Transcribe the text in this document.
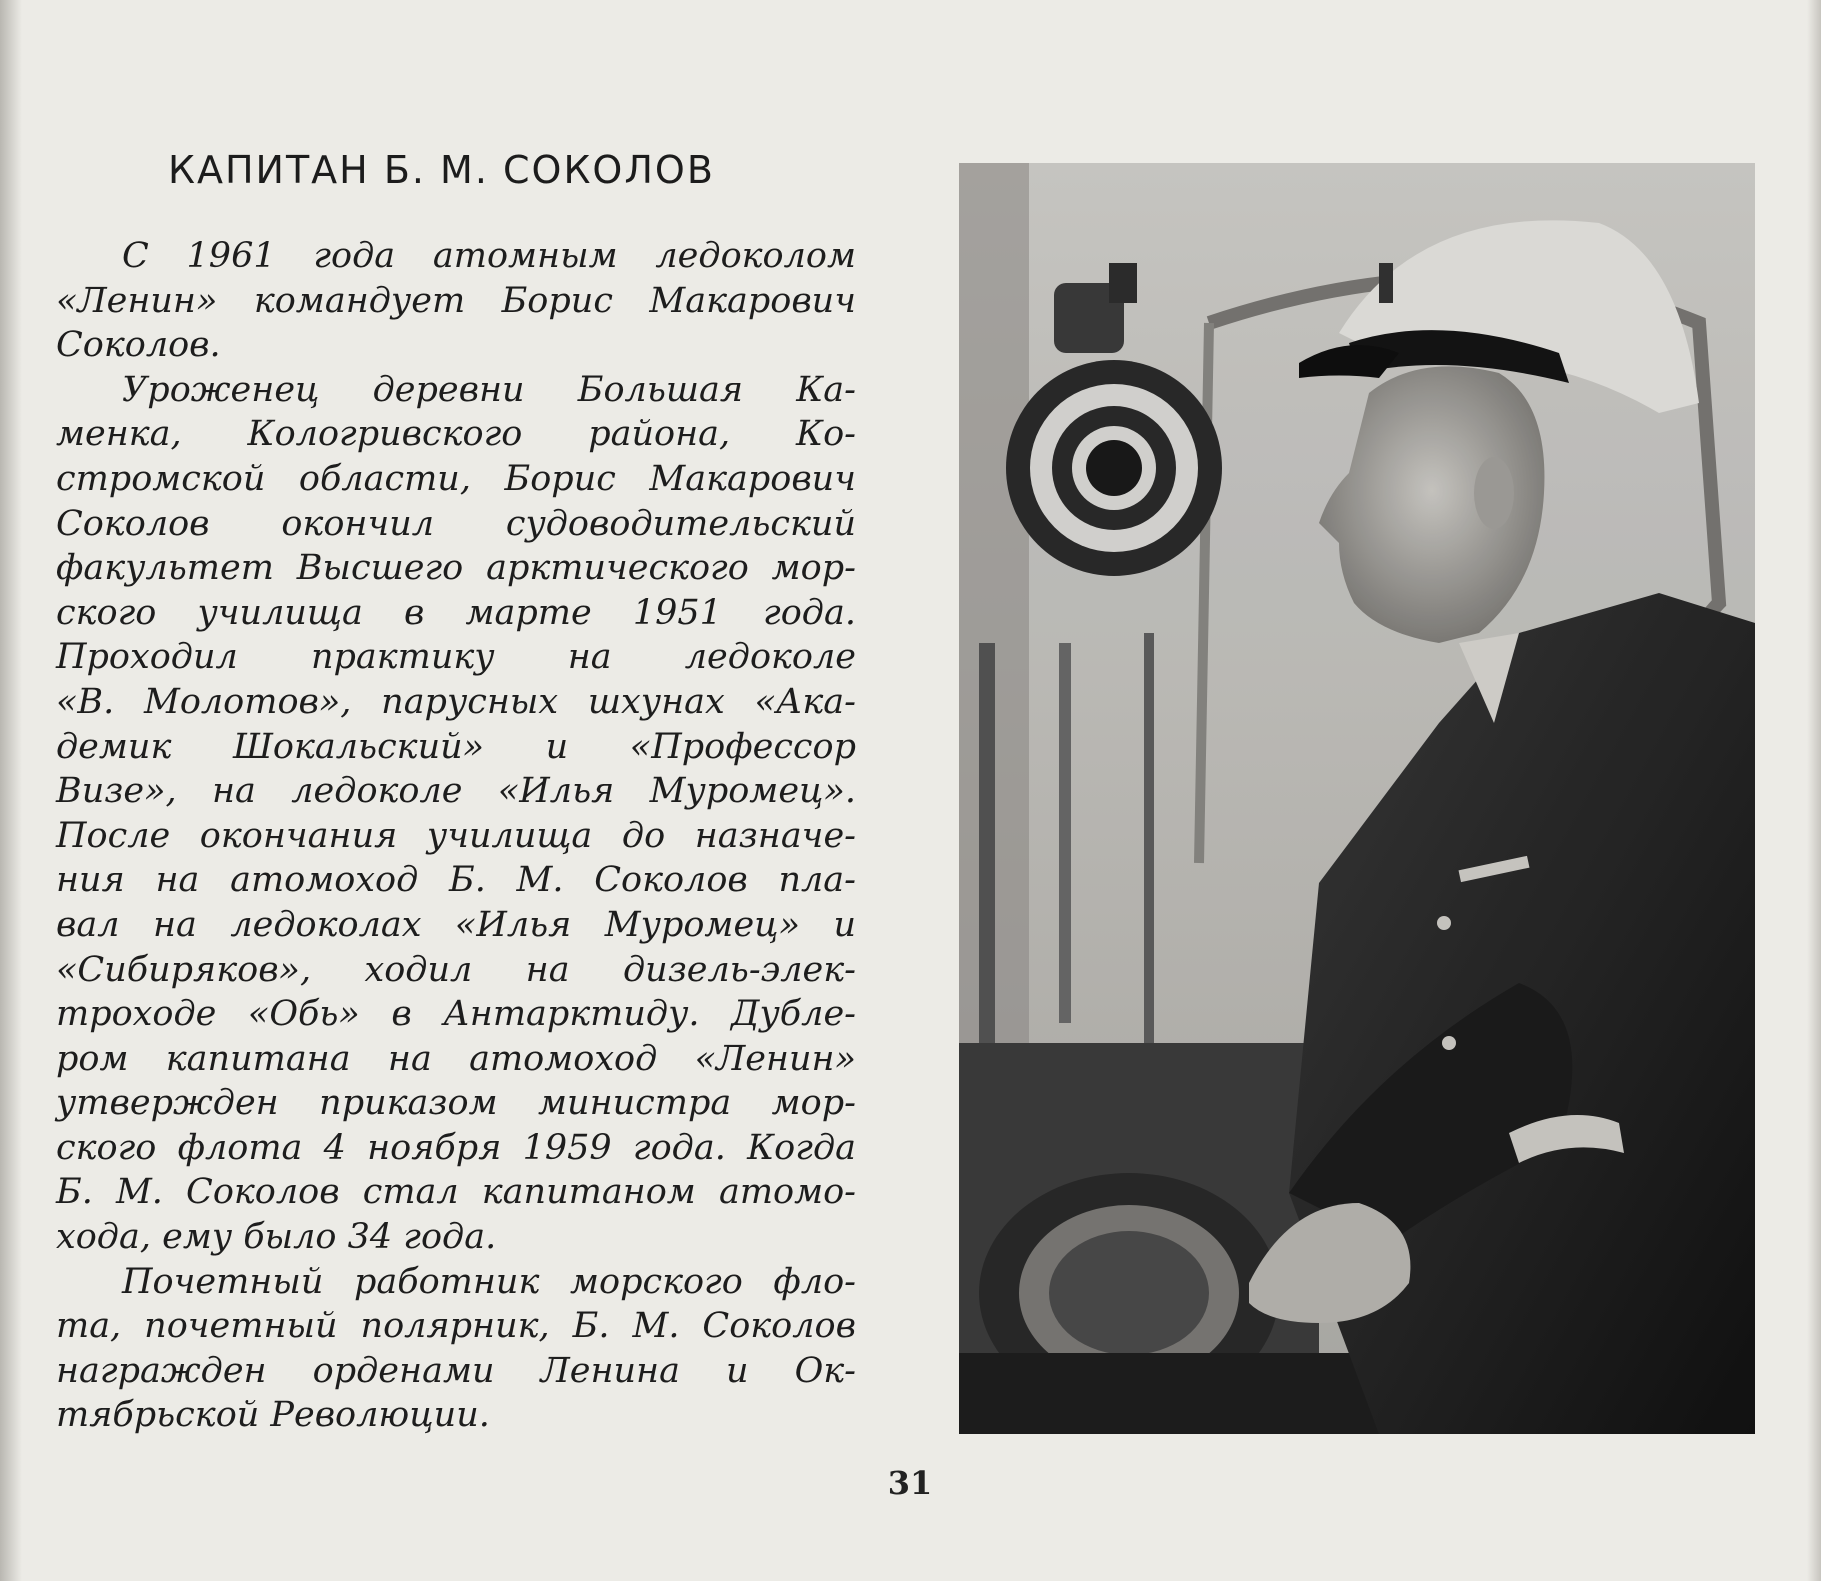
КАПИТАН Б. М. СОКОЛОВ
С 1961 года атомным ледоколом
«Ленин» командует Борис Макарович
Соколов.
Уроженец деревни Большая Ка-
менка, Кологривского района, Ко-
стромской области, Борис Макарович
Соколов окончил судоводительский
факультет Высшего арктического мор-
ского училища в марте 1951 года.
Проходил практику на ледоколе
«В. Молотов», парусных шхунах «Ака-
демик Шокальский» и «Профессор
Визе», на ледоколе «Илья Муромец».
После окончания училища до назначе-
ния на атомоход Б. М. Соколов пла-
вал на ледоколах «Илья Муромец» и
«Сибиряков», ходил на дизель-элек-
троходе «Обь» в Антарктиду. Дубле-
ром капитана на атомоход «Ленин»
утвержден приказом министра мор-
ского флота 4 ноября 1959 года. Когда
Б. М. Соколов стал капитаном атомо-
хода, ему было 34 года.
Почетный работник морского фло-
та, почетный полярник, Б. М. Соколов
награжден орденами Ленина и Ок-
тябрьской Революции.
31
